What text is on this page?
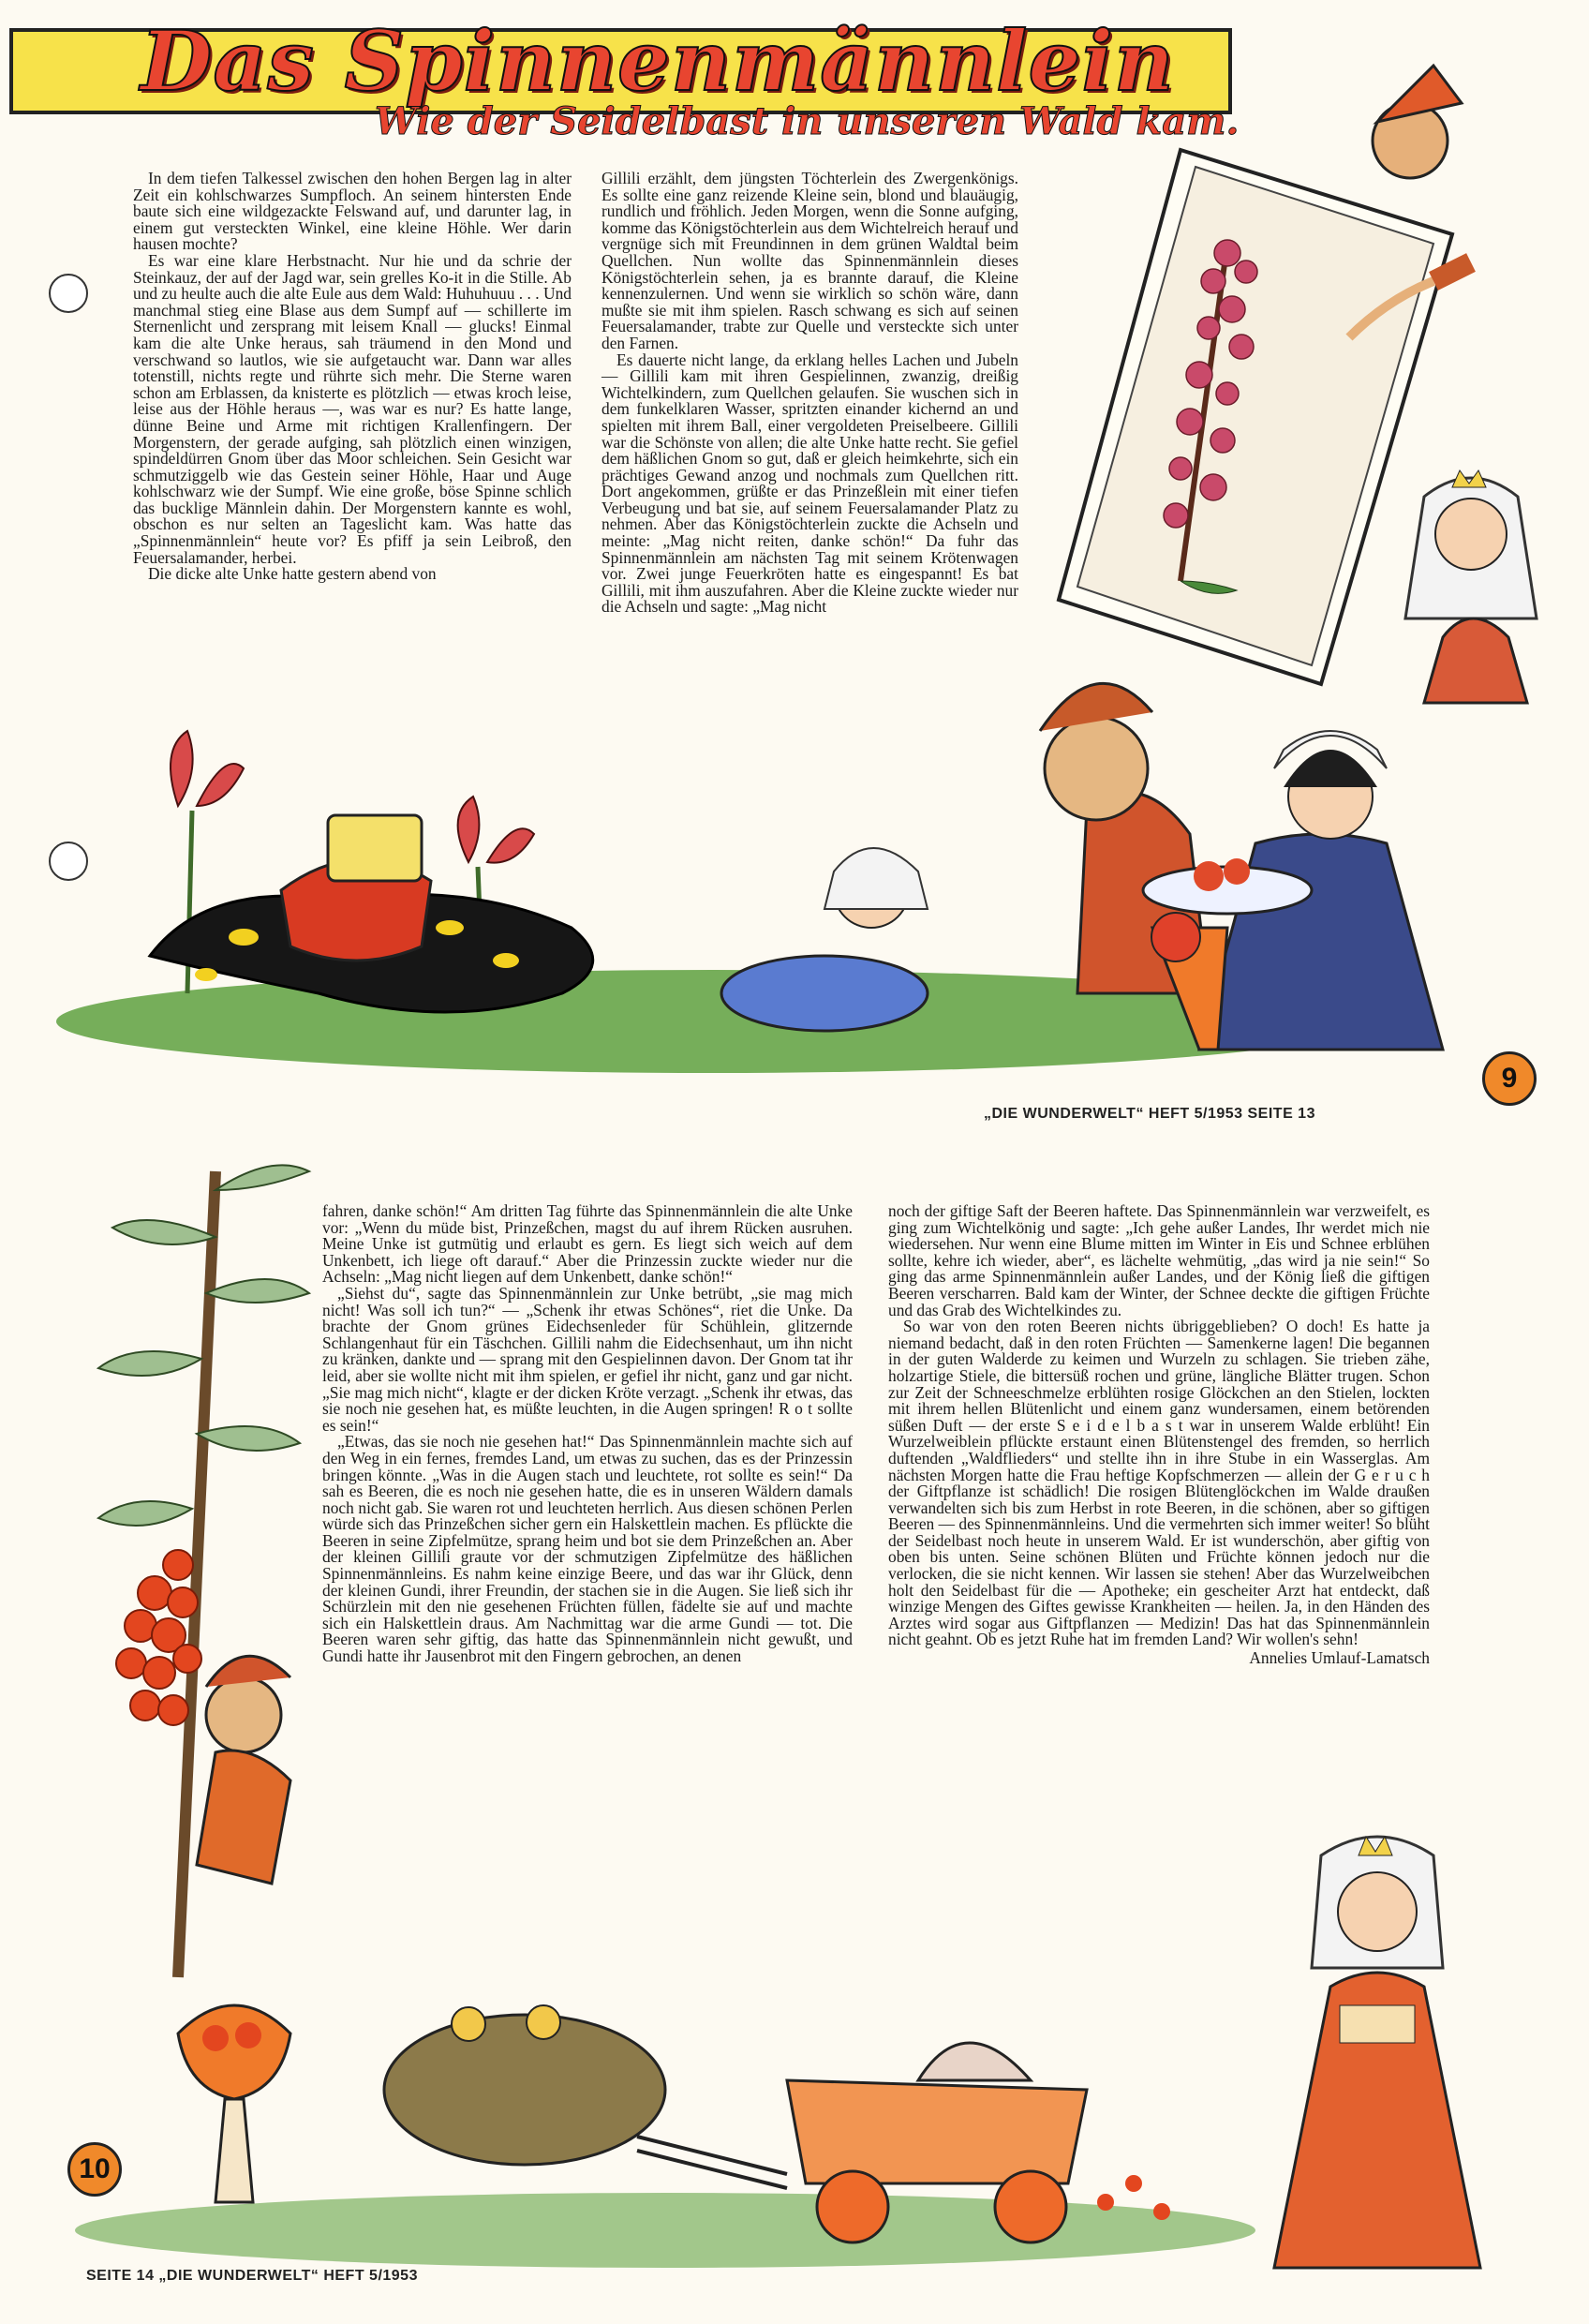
Das Spinnenmännlein
Wie der Seidelbast in unseren Wald kam.

In dem tiefen Talkessel zwischen den hohen Bergen lag in alter Zeit ein kohlschwarzes Sumpfloch. An seinem hintersten Ende baute sich eine wildgezackte Felswand auf, und darunter lag, in einem gut versteckten Winkel, eine kleine Höhle. Wer darin hausen mochte?

Es war eine klare Herbstnacht. Nur hie und da schrie der Steinkauz, der auf der Jagd war, sein grelles Ko-it in die Stille. Ab und zu heulte auch die alte Eule aus dem Wald: Huhuhuuu . . . Und manchmal stieg eine Blase aus dem Sumpf auf — schillerte im Sternenlicht und zersprang mit leisem Knall — glucks! Einmal kam die alte Unke heraus, sah träumend in den Mond und verschwand so lautlos, wie sie aufgetaucht war. Dann war alles totenstill, nichts regte und rührte sich mehr. Die Sterne waren schon am Erblassen, da knisterte es plötzlich — etwas kroch leise, leise aus der Höhle heraus —, was war es nur? Es hatte lange, dünne Beine und Arme mit richtigen Krallenfingern. Der Morgenstern, der gerade aufging, sah plötzlich einen winzigen, spindeldürren Gnom über das Moor schleichen. Sein Gesicht war schmutziggelb wie das Gestein seiner Höhle, Haar und Auge kohlschwarz wie der Sumpf. Wie eine große, böse Spinne schlich das bucklige Männlein dahin. Der Morgenstern kannte es wohl, obschon es nur selten an Tageslicht kam. Was hatte das „Spinnenmännlein“ heute vor? Es pfiff ja sein Leibroß, den Feuersalamander, herbei.

Die dicke alte Unke hatte gestern abend von

Gillili erzählt, dem jüngsten Töchterlein des Zwergenkönigs. Es sollte eine ganz reizende Kleine sein, blond und blauäugig, rundlich und fröhlich. Jeden Morgen, wenn die Sonne aufging, komme das Königstöchterlein aus dem Wichtelreich herauf und vergnüge sich mit Freundinnen in dem grünen Waldtal beim Quellchen. Nun wollte das Spinnenmännlein dieses Königstöchterlein sehen, ja es brannte darauf, die Kleine kennenzulernen. Und wenn sie wirklich so schön wäre, dann mußte sie mit ihm spielen. Rasch schwang es sich auf seinen Feuersalamander, trabte zur Quelle und versteckte sich unter den Farnen.

Es dauerte nicht lange, da erklang helles Lachen und Jubeln — Gillili kam mit ihren Gespielinnen, zwanzig, dreißig Wichtelkindern, zum Quellchen gelaufen. Sie wuschen sich in dem funkelklaren Wasser, spritzten einander kichernd an und spielten mit ihrem Ball, einer vergoldeten Preiselbeere. Gillili war die Schönste von allen; die alte Unke hatte recht. Sie gefiel dem häßlichen Gnom so gut, daß er gleich heimkehrte, sich ein prächtiges Gewand anzog und nochmals zum Quellchen ritt. Dort angekommen, grüßte er das Prinzeßlein mit einer tiefen Verbeugung und bat sie, auf seinem Feuersalamander Platz zu nehmen. Aber das Königstöchterlein zuckte die Achseln und meinte: „Mag nicht reiten, danke schön!“ Da fuhr das Spinnenmännlein am nächsten Tag mit seinem Krötenwagen vor. Zwei junge Feuerkröten hatte es eingespannt! Es bat Gillili, mit ihm auszufahren. Aber die Kleine zuckte wieder nur die Achseln und sagte: „Mag nicht

9
„DIE WUNDERWELT“ HEFT 5/1953 SEITE 13

fahren, danke schön!“ Am dritten Tag führte das Spinnenmännlein die alte Unke vor: „Wenn du müde bist, Prinzeßchen, magst du auf ihrem Rücken ausruhen. Meine Unke ist gutmütig und erlaubt es gern. Es liegt sich weich auf dem Unkenbett, ich liege oft darauf.“ Aber die Prinzessin zuckte wieder nur die Achseln: „Mag nicht liegen auf dem Unkenbett, danke schön!“

„Siehst du“, sagte das Spinnenmännlein zur Unke betrübt, „sie mag mich nicht! Was soll ich tun?“ — „Schenk ihr etwas Schönes“, riet die Unke. Da brachte der Gnom grünes Eidechsenleder für Schühlein, glitzernde Schlangenhaut für ein Täschchen. Gillili nahm die Eidechsenhaut, um ihn nicht zu kränken, dankte und — sprang mit den Gespielinnen davon. Der Gnom tat ihr leid, aber sie wollte nicht mit ihm spielen, er gefiel ihr nicht, ganz und gar nicht. „Sie mag mich nicht“, klagte er der dicken Kröte verzagt. „Schenk ihr etwas, das sie noch nie gesehen hat, es müßte leuchten, in die Augen springen! R o t sollte es sein!“

„Etwas, das sie noch nie gesehen hat!“ Das Spinnenmännlein machte sich auf den Weg in ein fernes, fremdes Land, um etwas zu suchen, das es der Prinzessin bringen könnte. „Was in die Augen stach und leuchtete, rot sollte es sein!“ Da sah es Beeren, die es noch nie gesehen hatte, die es in unseren Wäldern damals noch nicht gab. Sie waren rot und leuchteten herrlich. Aus diesen schönen Perlen würde sich das Prinzeßchen sicher gern ein Halskettlein machen. Es pflückte die Beeren in seine Zipfelmütze, sprang heim und bot sie dem Prinzeßchen an. Aber der kleinen Gillili graute vor der schmutzigen Zipfelmütze des häßlichen Spinnenmännleins. Es nahm keine einzige Beere, und das war ihr Glück, denn der kleinen Gundi, ihrer Freundin, der stachen sie in die Augen. Sie ließ sich ihr Schürzlein mit den nie gesehenen Früchten füllen, fädelte sie auf und machte sich ein Halskettlein draus. Am Nachmittag war die arme Gundi — tot. Die Beeren waren sehr giftig, das hatte das Spinnenmännlein nicht gewußt, und Gundi hatte ihr Jausenbrot mit den Fingern gebrochen, an denen

noch der giftige Saft der Beeren haftete. Das Spinnenmännlein war verzweifelt, es ging zum Wichtelkönig und sagte: „Ich gehe außer Landes, Ihr werdet mich nie wiedersehen. Nur wenn eine Blume mitten im Winter in Eis und Schnee erblühen sollte, kehre ich wieder, aber“, es lächelte wehmütig, „das wird ja nie sein!“ So ging das arme Spinnenmännlein außer Landes, und der König ließ die giftigen Beeren verscharren. Bald kam der Winter, der Schnee deckte die giftigen Früchte und das Grab des Wichtelkindes zu.

So war von den roten Beeren nichts übriggeblieben? O doch! Es hatte ja niemand bedacht, daß in den roten Früchten — Samenkerne lagen! Die begannen in der guten Walderde zu keimen und Wurzeln zu schlagen. Sie trieben zähe, holzartige Stiele, die bittersüß rochen und grüne, längliche Blätter trugen. Schon zur Zeit der Schneeschmelze erblühten rosige Glöckchen an den Stielen, lockten mit ihrem hellen Blütenlicht und einem ganz wundersamen, einem betörenden süßen Duft — der erste S e i d e l b a s t war in unserem Walde erblüht! Ein Wurzelweiblein pflückte erstaunt einen Blütenstengel des fremden, so herrlich duftenden „Waldflieders“ und stellte ihn in ihre Stube in ein Wasserglas. Am nächsten Morgen hatte die Frau heftige Kopfschmerzen — allein der G e r u c h der Giftpflanze ist schädlich! Die rosigen Blütenglöckchen im Walde draußen verwandelten sich bis zum Herbst in rote Beeren, in die schönen, aber so giftigen Beeren — des Spinnenmännleins. Und die vermehrten sich immer weiter! So blüht der Seidelbast noch heute in unserem Wald. Er ist wunderschön, aber giftig von oben bis unten. Seine schönen Blüten und Früchte können jedoch nur die verlocken, die sie nicht kennen. Wir lassen sie stehen! Aber das Wurzelweibchen holt den Seidelbast für die — Apotheke; ein gescheiter Arzt hat entdeckt, daß winzige Mengen des Giftes gewisse Krankheiten — heilen. Ja, in den Händen des Arztes wird sogar aus Giftpflanzen — Medizin! Das hat das Spinnenmännlein nicht geahnt. Ob es jetzt Ruhe hat im fremden Land? Wir wollen's sehn!

Annelies Umlauf-Lamatsch
10
SEITE 14 „DIE WUNDERWELT“ HEFT 5/1953
